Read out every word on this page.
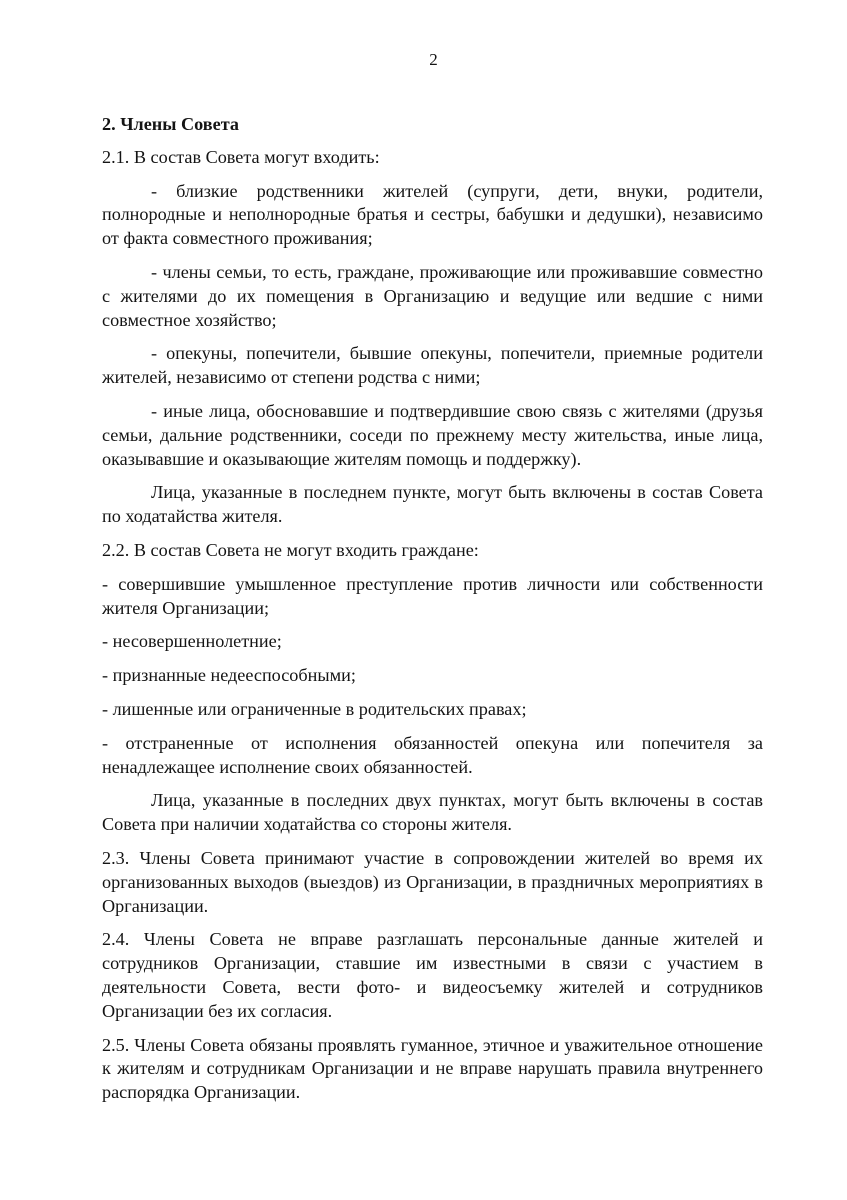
2
2. Члены Совета
2.1. В состав Совета могут входить:
- близкие родственники жителей (супруги, дети, внуки, родители, полнородные и неполнородные братья и сестры, бабушки и дедушки), независимо от факта совместного проживания;
- члены семьи, то есть, граждане, проживающие или проживавшие совместно с жителями до их помещения в Организацию и ведущие или ведшие с ними совместное хозяйство;
- опекуны, попечители, бывшие опекуны, попечители, приемные родители жителей, независимо от степени родства с ними;
- иные лица, обосновавшие и подтвердившие свою связь с жителями (друзья семьи, дальние родственники, соседи по прежнему месту жительства, иные лица, оказывавшие и оказывающие жителям помощь и поддержку).
Лица, указанные в последнем пункте, могут быть включены в состав Совета по ходатайства жителя.
2.2. В состав Совета не могут входить граждане:
- совершившие умышленное преступление против личности или собственности жителя Организации;
- несовершеннолетние;
- признанные недееспособными;
- лишенные или ограниченные в родительских правах;
- отстраненные от исполнения обязанностей опекуна или попечителя за ненадлежащее исполнение своих обязанностей.
Лица, указанные в последних двух пунктах, могут быть включены в состав Совета при наличии ходатайства со стороны жителя.
2.3. Члены Совета принимают участие в сопровождении жителей во время их организованных выходов (выездов) из Организации, в праздничных мероприятиях в Организации.
2.4. Члены Совета не вправе разглашать персональные данные жителей и сотрудников Организации, ставшие им известными в связи с участием в деятельности Совета, вести фото- и видеосъемку жителей и сотрудников Организации без их согласия.
2.5. Члены Совета обязаны проявлять гуманное, этичное и уважительное отношение к жителям и сотрудникам Организации и не вправе нарушать правила внутреннего распорядка Организации.
